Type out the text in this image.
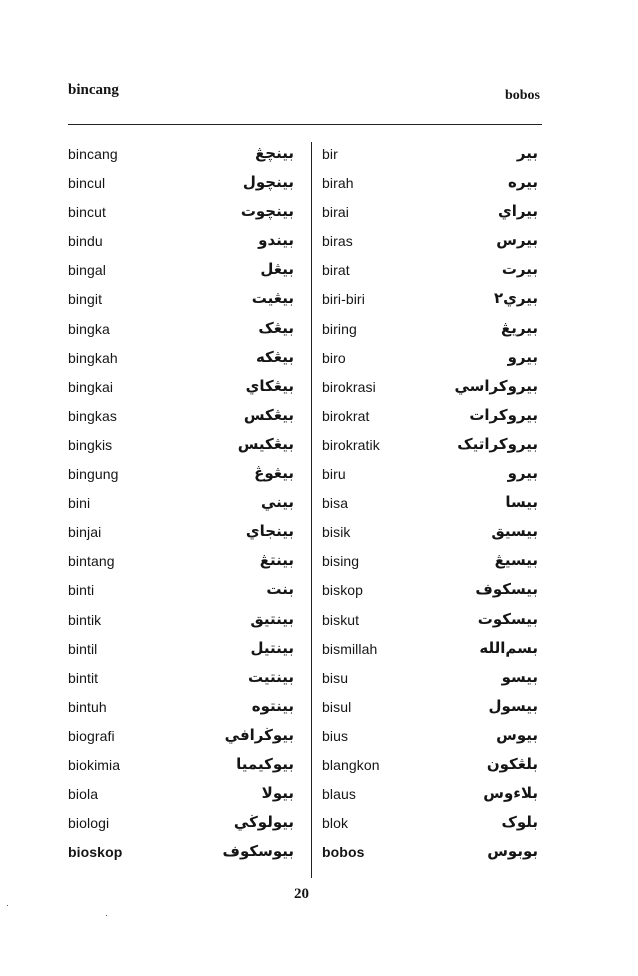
bincang	bobos
bincang	بينچڠ
bincul	بينچول
bincut	بينچوت
bindu	بيندو
bingal	بيڠل
bingit	بيڠيت
bingka	بيڠک
bingkah	بيڠكه
bingkai	بيڠکاي
bingkas	بيڠکس
bingkis	بيڠکيس
bingung	بيڠوڠ
bini	بيني
binjai	بينجاي
bintang	بينتڠ
binti	بنت
bintik	بينتيق
bintil	بينتيل
bintit	بينتيت
bintuh	بينتوه
biografi	بيوڬرافي
biokimia	بيوکيميا
biola	بيولا
biologi	بيولوڬي
bioskop	بيوسكوف
bir	بير
birah	بيره
birai	بيراي
biras	بيرس
birat	بيرت
biri-biri	بيري٢
biring	بيريڠ
biro	بيرو
birokrasi	بيروكراسي
birokrat	بيروكرات
birokratik	بيروكراتيک
biru	بيرو
bisa	بيسا
bisik	بيسيق
bising	بيسيڠ
biskop	بيسکوف
biskut	بيسکوت
bismillah	بسم‌الله
bisu	بيسو
bisul	بيسول
bius	بيوس
blangkon	بلڠكون
blaus	بلاءوس
blok	بلوک
bobos	بوبوس
20
